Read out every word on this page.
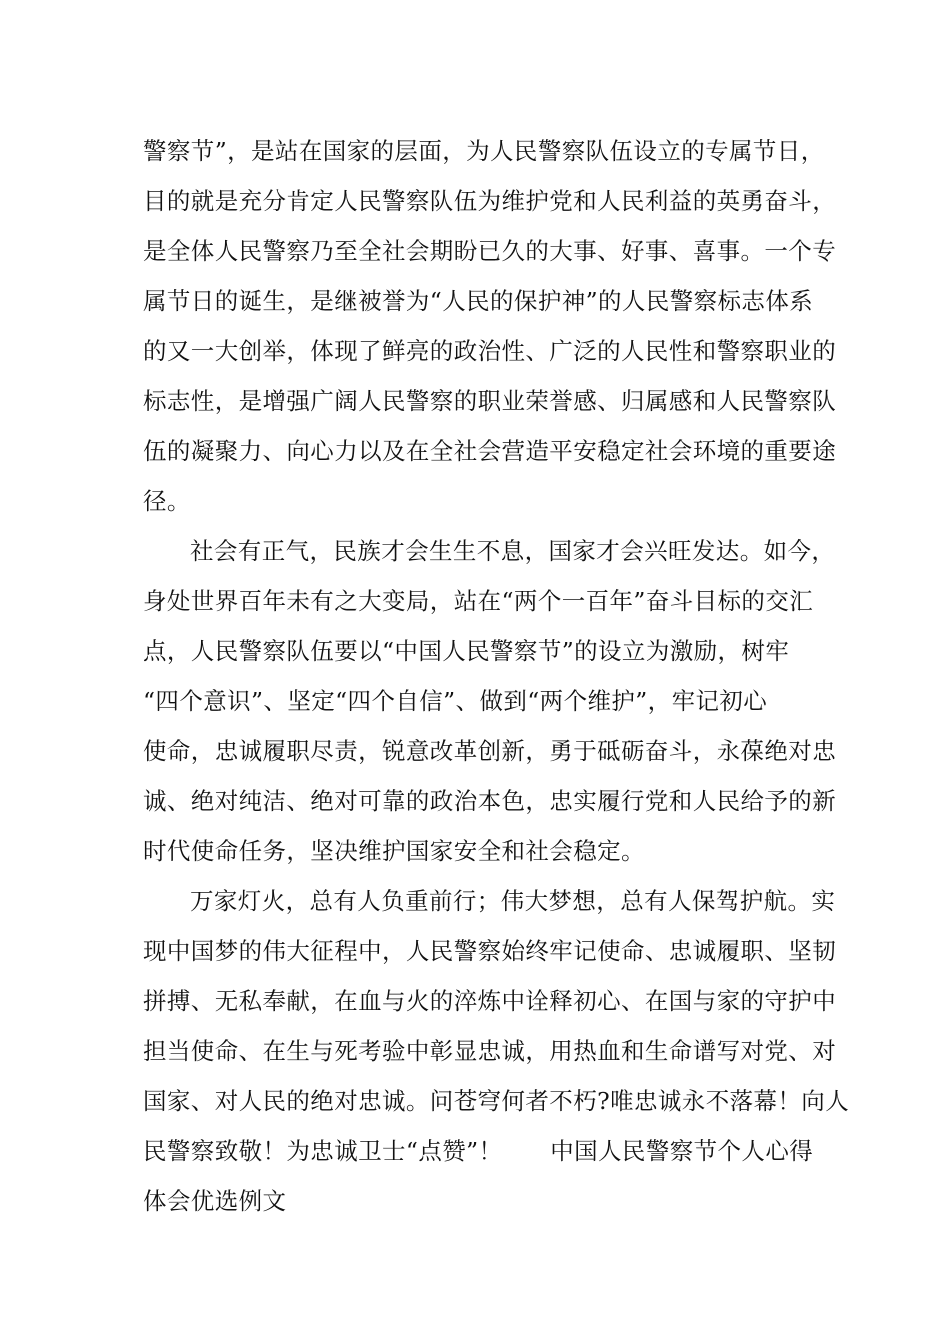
警察节”，是站在国家的层面，为人民警察队伍设立的专属节日，
目的就是充分肯定人民警察队伍为维护党和人民利益的英勇奋斗，
是全体人民警察乃至全社会期盼已久的大事、好事、喜事。一个专
属节日的诞生，是继被誉为“人民的保护神”的人民警察标志体系
的又一大创举，体现了鲜亮的政治性、广泛的人民性和警察职业的
标志性，是增强广阔人民警察的职业荣誉感、归属感和人民警察队
伍的凝聚力、向心力以及在全社会营造平安稳定社会环境的重要途
径。
社会有正气，民族才会生生不息，国家才会兴旺发达。如今，
身处世界百年未有之大变局，站在“两个一百年”奋斗目标的交汇
点，人民警察队伍要以“中国人民警察节”的设立为激励，树牢
“四个意识”、坚定“四个自信”、做到“两个维护”，牢记初心
使命，忠诚履职尽责，锐意改革创新，勇于砥砺奋斗，永葆绝对忠
诚、绝对纯洁、绝对可靠的政治本色，忠实履行党和人民给予的新
时代使命任务，坚决维护国家安全和社会稳定。
万家灯火，总有人负重前行；伟大梦想，总有人保驾护航。实
现中国梦的伟大征程中，人民警察始终牢记使命、忠诚履职、坚韧
拼搏、无私奉献，在血与火的淬炼中诠释初心、在国与家的守护中
担当使命、在生与死考验中彰显忠诚，用热血和生命谱写对党、对
国家、对人民的绝对忠诚。问苍穹何者不朽?唯忠诚永不落幕！向人
民警察致敬！为忠诚卫士“点赞”！　　中国人民警察节个人心得
体会优选例文
